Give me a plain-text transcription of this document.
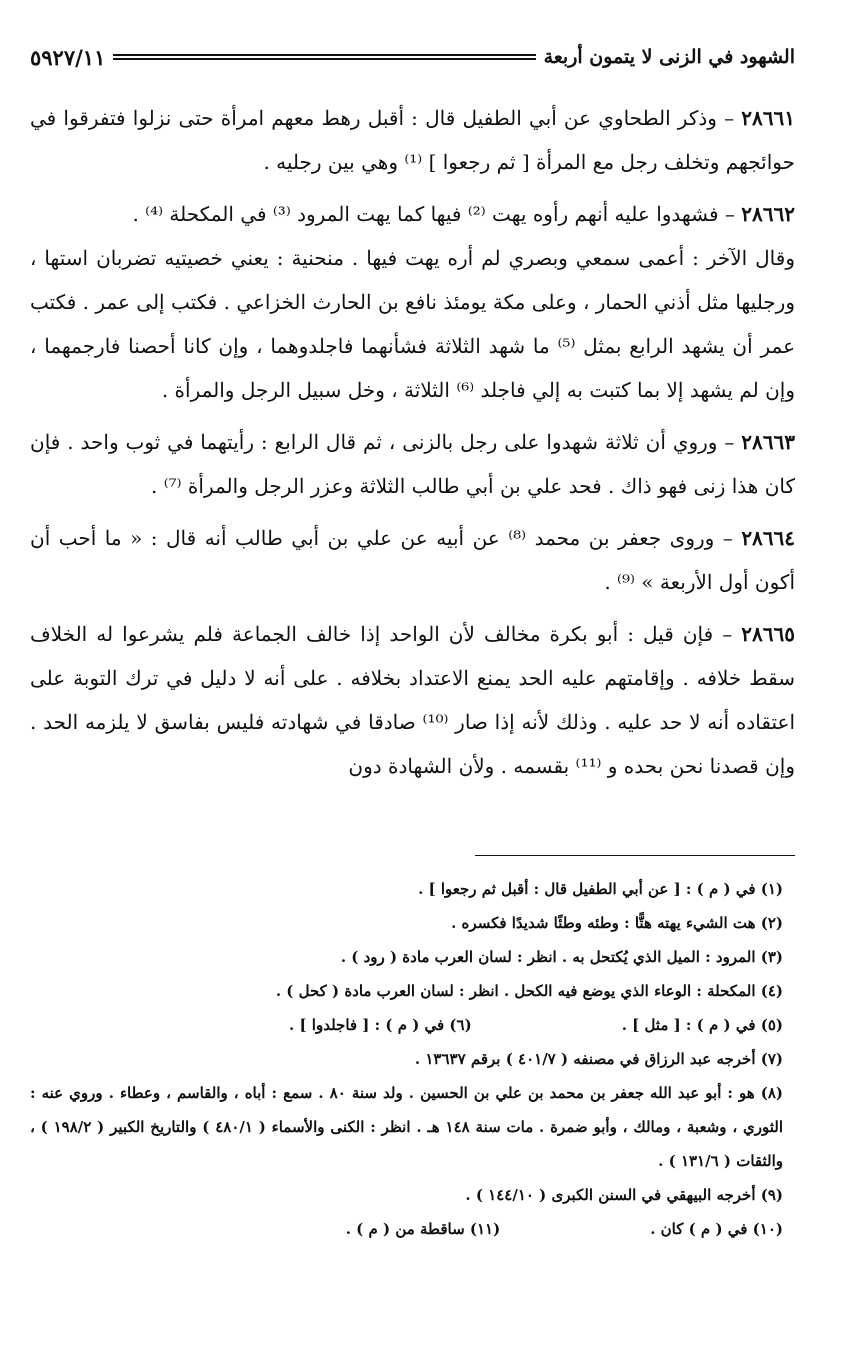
الشهود في الزنى لا يتمون أربعة
٥٩٢٧/١١

٢٨٦٦١ – وذكر الطحاوي عن أبي الطفيل قال : أقبل رهط معهم امرأة حتى نزلوا فتفرقوا في حوائجهم وتخلف رجل مع المرأة [ ثم رجعوا ] ⁽¹⁾ وهي بين رجليه .

٢٨٦٦٢ – فشهدوا عليه أنهم رأوه يهت ⁽²⁾ فيها كما يهت المرود ⁽³⁾ في المكحلة ⁽⁴⁾ .

وقال الآخر : أعمى سمعي وبصري لم أره يهت فيها . منحنية : يعني خصيتيه تضربان استها ، ورجليها مثل أذني الحمار ، وعلى مكة يومئذ نافع بن الحارث الخزاعي . فكتب إلى عمر . فكتب عمر أن يشهد الرابع بمثل ⁽⁵⁾ ما شهد الثلاثة فشأنهما فاجلدوهما ، وإن كانا أحصنا فارجمهما ، وإن لم يشهد إلا بما كتبت به إلي فاجلد ⁽⁶⁾ الثلاثة ، وخل سبيل الرجل والمرأة .

٢٨٦٦٣ – وروي أن ثلاثة شهدوا على رجل بالزنى ، ثم قال الرابع : رأيتهما في ثوب واحد . فإن كان هذا زنى فهو ذاك . فحد علي بن أبي طالب الثلاثة وعزر الرجل والمرأة ⁽⁷⁾ .

٢٨٦٦٤ – وروى جعفر بن محمد ⁽⁸⁾ عن أبيه عن علي بن أبي طالب أنه قال : « ما أحب أن أكون أول الأربعة » ⁽⁹⁾ .

٢٨٦٦٥ – فإن قيل : أبو بكرة مخالف لأن الواحد إذا خالف الجماعة فلم يشرعوا له الخلاف سقط خلافه . وإقامتهم عليه الحد يمنع الاعتداد بخلافه . على أنه لا دليل في ترك التوبة على اعتقاده أنه لا حد عليه . وذلك لأنه إذا صار ⁽¹⁰⁾ صادقا في شهادته فليس بفاسق لا يلزمه الحد . وإن قصدنا نحن بحده و ⁽¹¹⁾ بقسمه . ولأن الشهادة دون

(١) في ( م ) : [ عن أبي الطفيل قال : أقبل ثم رجعوا ] .

(٢) هت الشيء يهته هتًّا : وطئه وطئًا شديدًا فكسره .

(٣) المرود : الميل الذي يُكتحل به . انظر : لسان العرب مادة ( رود ) .

(٤) المكحلة : الوعاء الذي يوضع فيه الكحل . انظر : لسان العرب مادة ( كحل ) .

(٥) في ( م ) : [ مثل ] .
(٦) في ( م ) : [ فاجلدوا ] .

(٧) أخرجه عبد الرزاق في مصنفه ( ٤٠١/٧ ) برقم ١٣٦٣٧ .

(٨) هو : أبو عبد الله جعفر بن محمد بن علي بن الحسين . ولد سنة ٨٠ . سمع : أباه ، والقاسم ، وعطاء . وروي عنه : الثوري ، وشعبة ، ومالك ، وأبو ضمرة . مات سنة ١٤٨ هـ . انظر : الكنى والأسماء ( ٤٨٠/١ ) والتاريخ الكبير ( ١٩٨/٢ ) ، والثقات ( ١٣١/٦ ) .

(٩) أخرجه البيهقي في السنن الكبرى ( ١٤٤/١٠ ) .

(١٠) في ( م ) كان .
(١١) ساقطة من ( م ) .
